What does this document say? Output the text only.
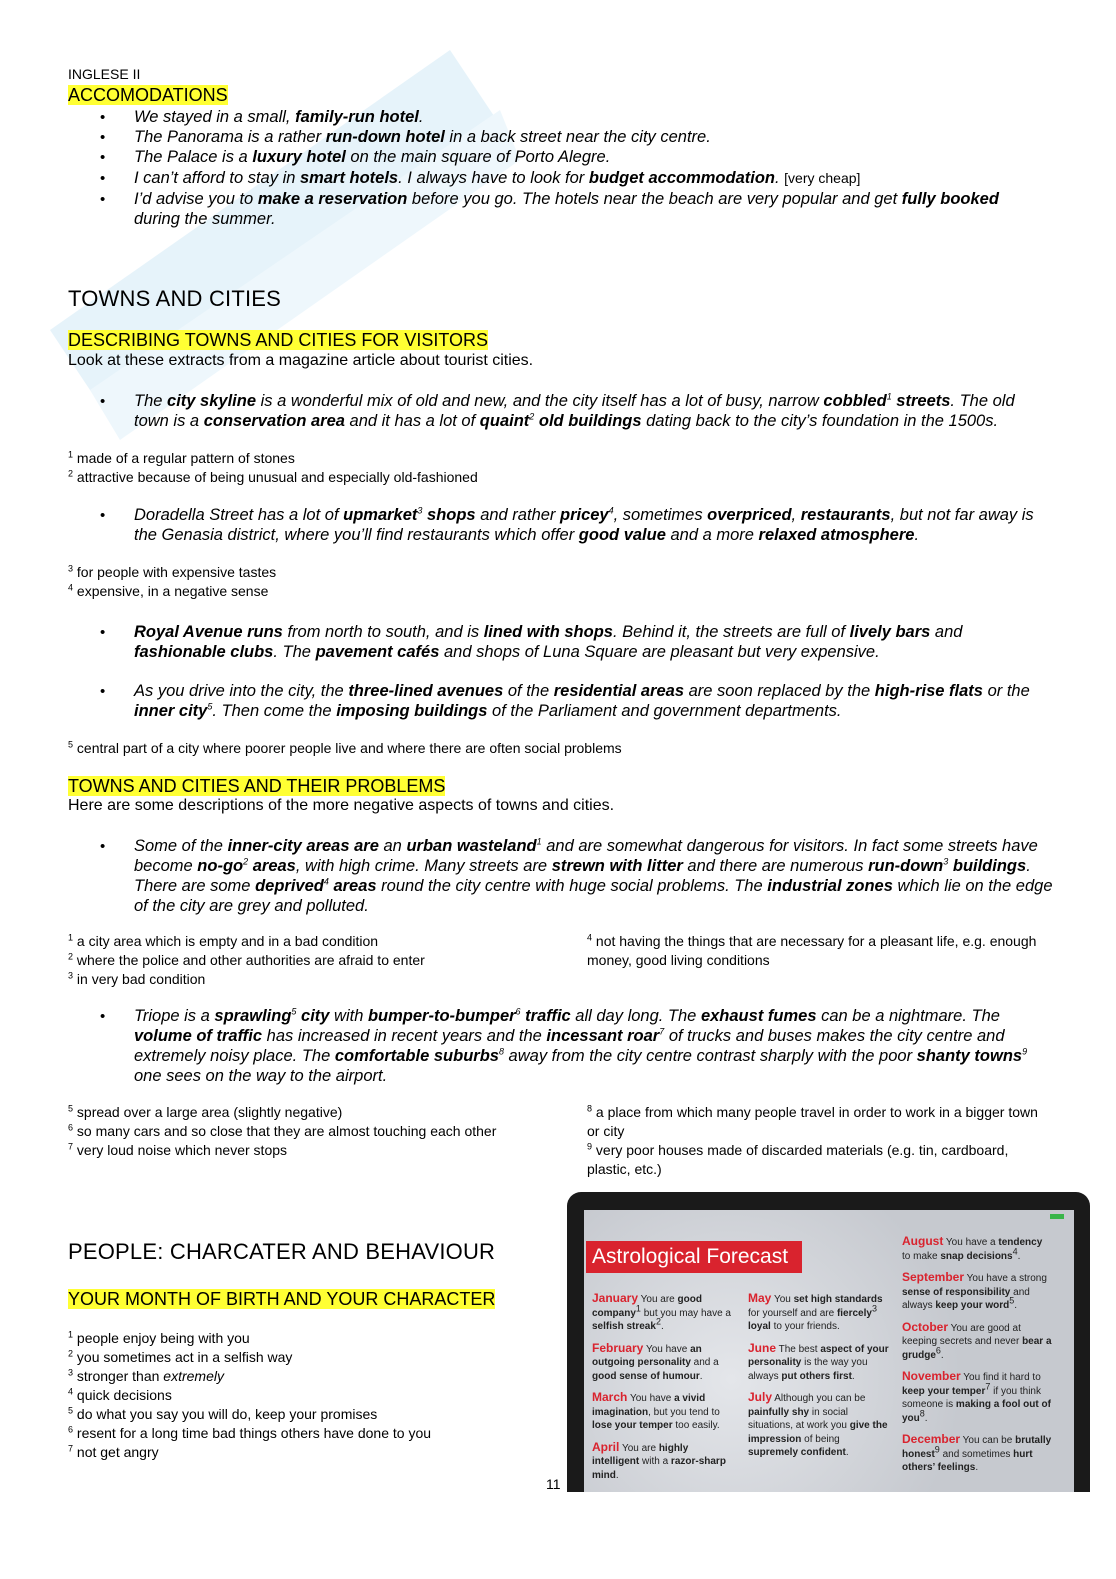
INGLESE II
ACCOMODATIONS
• We stayed in a small, family-run hotel.
• The Panorama is a rather run-down hotel in a back street near the city centre.
• The Palace is a luxury hotel on the main square of Porto Alegre.
• I can’t afford to stay in smart hotels. I always have to look for budget accommodation. [very cheap]
• I’d advise you to make a reservation before you go. The hotels near the beach are very popular and get fully booked during the summer.
TOWNS AND CITIES
DESCRIBING TOWNS AND CITIES FOR VISITORS
Look at these extracts from a magazine article about tourist cities.
• The city skyline is a wonderful mix of old and new, and the city itself has a lot of busy, narrow cobbled$^1$ streets. The old town is a conservation area and it has a lot of quaint$^2$ old buildings dating back to the city’s foundation in the 1500s.
$^1$ made of a regular pattern of stones
$^2$ attractive because of being unusual and especially old-fashioned
• Doradella Street has a lot of upmarket$^3$ shops and rather pricey$^4$, sometimes overpriced, restaurants, but not far away is the Genasia district, where you’ll find restaurants which offer good value and a more relaxed atmosphere.
$^3$ for people with expensive tastes
$^4$ expensive, in a negative sense
• Royal Avenue runs from north to south, and is lined with shops. Behind it, the streets are full of lively bars and fashionable clubs. The pavement cafés and shops of Luna Square are pleasant but very expensive.
• As you drive into the city, the three-lined avenues of the residential areas are soon replaced by the high-rise flats or the inner city$^5$. Then come the imposing buildings of the Parliament and government departments.
$^5$ central part of a city where poorer people live and where there are often social problems
TOWNS AND CITIES AND THEIR PROBLEMS
Here are some descriptions of the more negative aspects of towns and cities.
• Some of the inner-city areas are an urban wasteland$^1$ and are somewhat dangerous for visitors. In fact some streets have become $no-go^2$ areas, with high crime. Many streets are strewn with litter and there are numerous run-down$^3$ buildings. There are some deprived$^4$ areas round the city centre with huge social problems. The industrial zones which lie on the edge of the city are grey and polluted.
$^1$ a city area which is empty and in a bad condition
$^2$ where the police and other authorities are afraid to enter
$^3$ in very bad condition
$^4$ not having the things that are necessary for a pleasant life, e.g. enough money, good living conditions
• Triope is a sprawling$^5$ city with bumper-to-bumper$^6$ traffic all day long. The exhaust fumes can be a nightmare. The volume of traffic has increased in recent years and the incessant roar$^7$ of trucks and buses makes the city centre and extremely noisy place. The comfortable suburbs$^8$ away from the city centre contrast sharply with the poor shanty towns$^9$ one sees on the way to the airport.
$^5$ spread over a large area (slightly negative)
$^6$ so many cars and so close that they are almost touching each other
$^7$ very loud noise which never stops
$^8$ a place from which many people travel in order to work in a bigger town or city
$^9$ very poor houses made of discarded materials (e.g. tin, cardboard, plastic, etc.)
PEOPLE: CHARCATER AND BEHAVIOUR
YOUR MONTH OF BIRTH AND YOUR CHARACTER
$^1$ people enjoy being with you
$^2$ you sometimes act in a selfish way
$^3$ stronger than extremely
$^4$ quick decisions
$^5$ do what you say you will do, keep your promises
$^6$ resent for a long time bad things others have done to you
$^7$ not get angry
11
Astrological Forecast
January You are good company$^1$ but you may have a selfish streak$^2$.
February You have an outgoing personality and a good sense of humour.
March You have a vivid imagination, but you tend to lose your temper too easily.
April You are highly intelligent with a razor-sharp mind.
May You set high standards for yourself and are fiercely$^3$ loyal to your friends.
June The best aspect of your personality is the way you always put others first.
July Although you can be painfully shy in social situations, at work you give the impression of being supremely confident.
August You have a tendency to make snap decisions$^4$.
September You have a strong sense of responsibility and always keep your word$^5$.
October You are good at keeping secrets and never bear a grudge$^6$.
November You find it hard to keep your temper$^7$ if you think someone is making a fool out of you$^8$.
December You can be brutally honest$^9$ and sometimes hurt others’ feelings.
